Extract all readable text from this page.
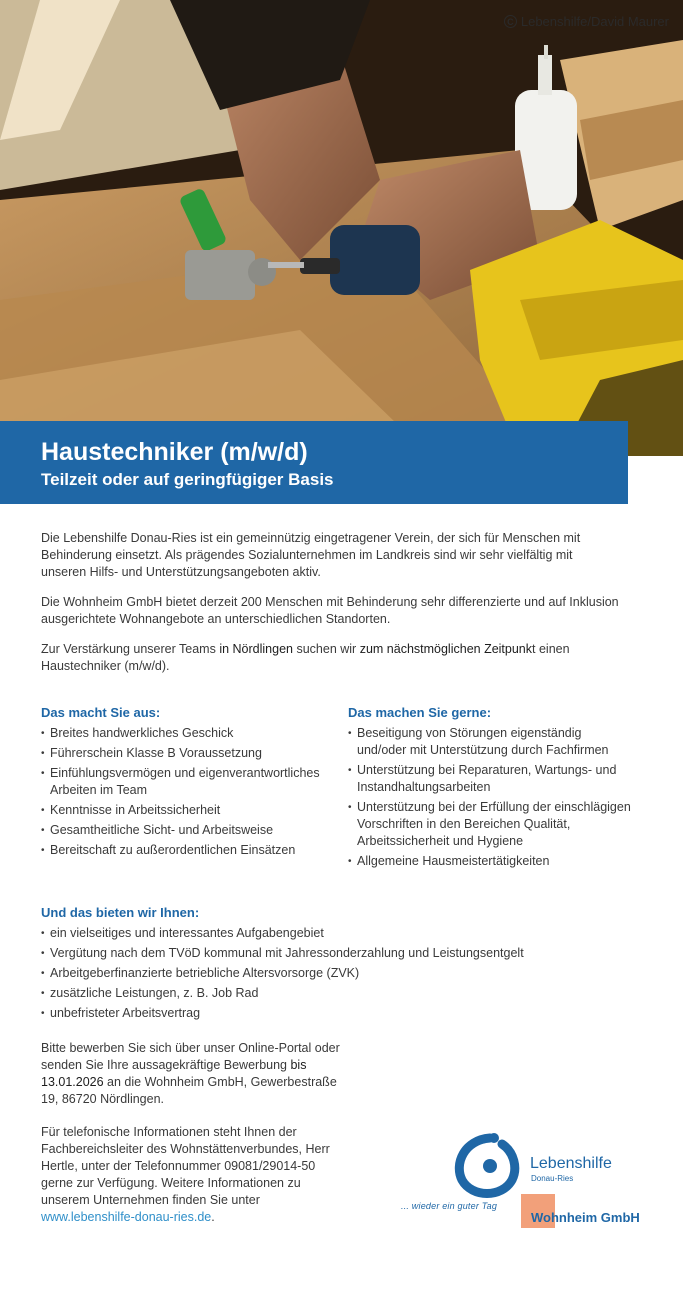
C Lebenshilfe/David Maurer
Haustechniker (m/w/d)
Teilzeit oder auf geringfügiger Basis

Die Lebenshilfe Donau-Ries ist ein gemeinnützig eingetragener Verein, der sich für Menschen mit Behinderung einsetzt. Als prägendes Sozialunternehmen im Landkreis sind wir sehr vielfältig mit unseren Hilfs- und Unterstützungsangeboten aktiv.

Die Wohnheim GmbH bietet derzeit 200 Menschen mit Behinderung sehr differenzierte und auf Inklusion ausgerichtete Wohnangebote an unterschiedlichen Standorten.

Zur Verstärkung unserer Teams in Nördlingen suchen wir zum nächstmöglichen Zeitpunkt einen Haustechniker (m/w/d).

Das macht Sie aus:
• Breites handwerkliches Geschick
• Führerschein Klasse B Voraussetzung
• Einfühlungsvermögen und eigenverantwortliches Arbeiten im Team
• Kenntnisse in Arbeitssicherheit
• Gesamtheitliche Sicht- und Arbeitsweise
• Bereitschaft zu außerordentlichen Einsätzen
Das machen Sie gerne:
• Beseitigung von Störungen eigenständig und/oder mit Unterstützung durch Fachfirmen
• Unterstützung bei Reparaturen, Wartungs- und Instandhaltungsarbeiten
• Unterstützung bei der Erfüllung der einschlägigen Vorschriften in den Bereichen Qualität, Arbeitssicherheit und Hygiene
• Allgemeine Hausmeistertätigkeiten
Und das bieten wir Ihnen:
• ein vielseitiges und interessantes Aufgabengebiet
• Vergütung nach dem TVöD kommunal mit Jahressonderzahlung und Leistungsentgelt
• Arbeitgeberfinanzierte betriebliche Altersvorsorge (ZVK)
• zusätzliche Leistungen, z. B. Job Rad
• unbefristeter Arbeitsvertrag

Bitte bewerben Sie sich über unser Online-Portal oder senden Sie Ihre aussagekräftige Bewerbung bis 13.01.2026 an die Wohnheim GmbH, Gewerbestraße 19, 86720 Nördlingen.

Für telefonische Informationen steht Ihnen der Fachbereichsleiter des Wohnstättenverbundes, Herr Hertle, unter der Telefonnummer 09081/29014-50 gerne zur Verfügung. Weitere Informationen zu unserem Unternehmen finden Sie unter www.lebenshilfe-donau-ries.de.

Lebenshilfe
Donau-Ries
... wieder ein guter Tag
Wohnheim GmbH
